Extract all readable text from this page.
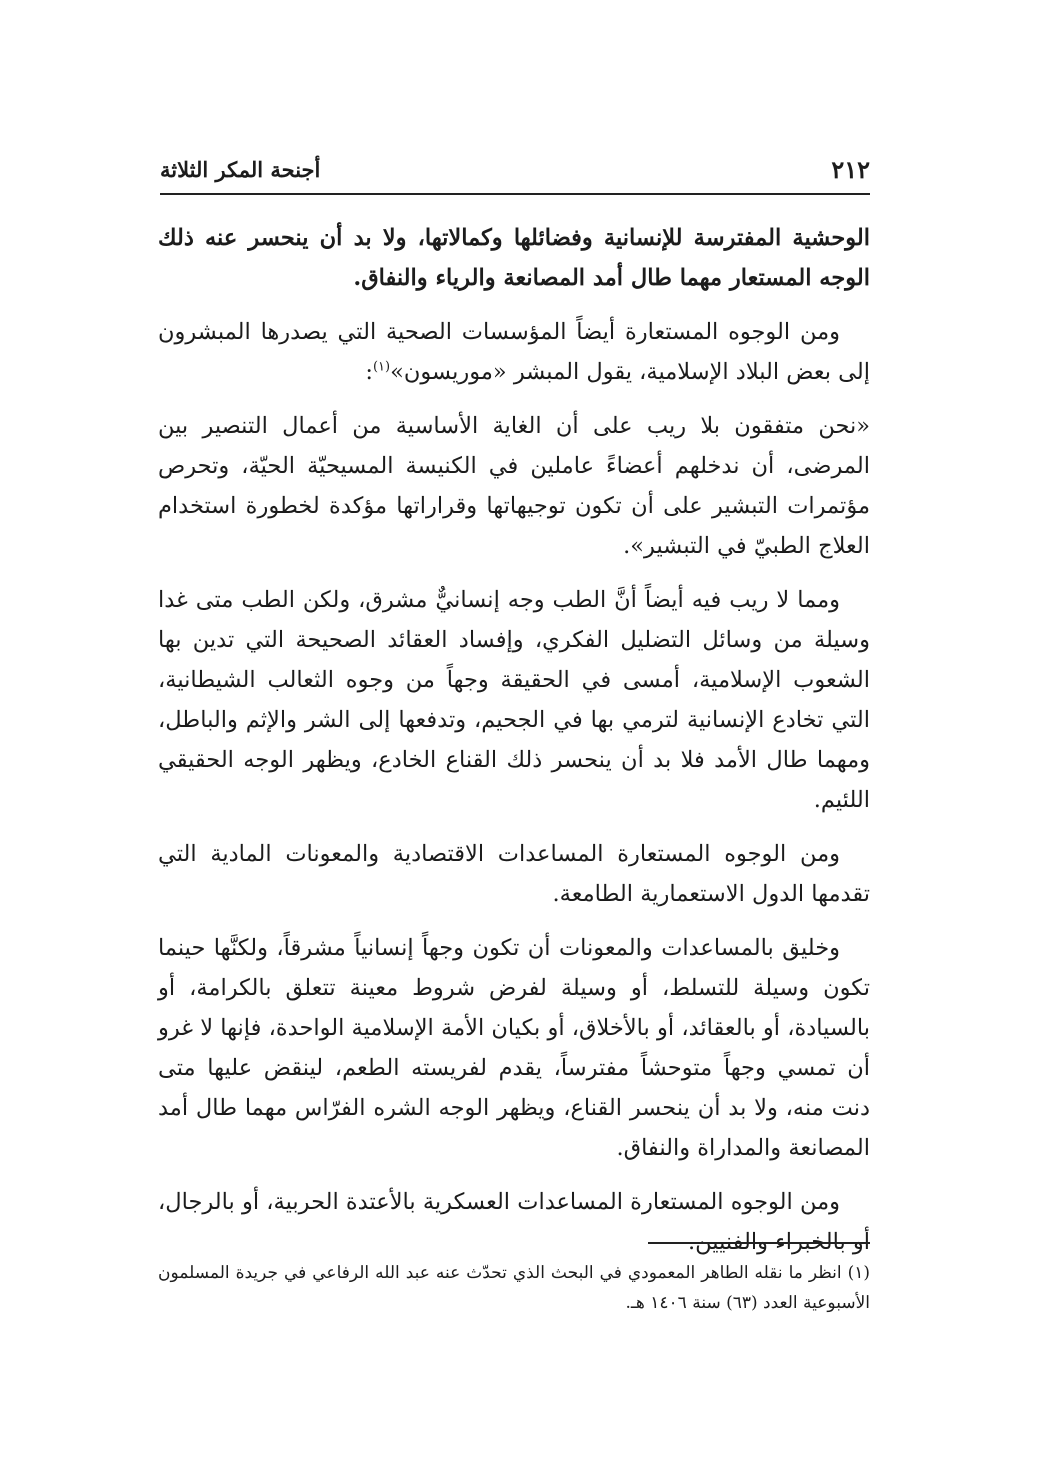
٢١٢
أجنحة المكر الثلاثة

الوحشية المفترسة للإنسانية وفضائلها وكمالاتها، ولا بد أن ينحسر عنه ذلك الوجه المستعار مهما طال أمد المصانعة والرياء والنفاق.

ومن الوجوه المستعارة أيضاً المؤسسات الصحية التي يصدرها المبشرون إلى بعض البلاد الإسلامية، يقول المبشر «موريسون»$^{(١)}$:

«نحن متفقون بلا ريب على أن الغاية الأساسية من أعمال التنصير بين المرضى، أن ندخلهم أعضاءً عاملين في الكنيسة المسيحيّة الحيّة، وتحرص مؤتمرات التبشير على أن تكون توجيهاتها وقراراتها مؤكدة لخطورة استخدام العلاج الطبيّ في التبشير».

ومما لا ريب فيه أيضاً أنَّ الطب وجه إنسانيٌّ مشرق، ولكن الطب متى غدا وسيلة من وسائل التضليل الفكري، وإفساد العقائد الصحيحة التي تدين بها الشعوب الإسلامية، أمسى في الحقيقة وجهاً من وجوه الثعالب الشيطانية، التي تخادع الإنسانية لترمي بها في الجحيم، وتدفعها إلى الشر والإثم والباطل، ومهما طال الأمد فلا بد أن ينحسر ذلك القناع الخادع، ويظهر الوجه الحقيقي اللئيم.

ومن الوجوه المستعارة المساعدات الاقتصادية والمعونات المادية التي تقدمها الدول الاستعمارية الطامعة.

وخليق بالمساعدات والمعونات أن تكون وجهاً إنسانياً مشرقاً، ولكنَّها حينما تكون وسيلة للتسلط، أو وسيلة لفرض شروط معينة تتعلق بالكرامة، أو بالسيادة، أو بالعقائد، أو بالأخلاق، أو بكيان الأمة الإسلامية الواحدة، فإنها لا غرو أن تمسي وجهاً متوحشاً مفترساً، يقدم لفريسته الطعم، لينقض عليها متى دنت منه، ولا بد أن ينحسر القناع، ويظهر الوجه الشره الفرّاس مهما طال أمد المصانعة والمداراة والنفاق.

ومن الوجوه المستعارة المساعدات العسكرية بالأعتدة الحربية، أو بالرجال، أو بالخبراء والفنيين.

(١) انظر ما نقله الطاهر المعمودي في البحث الذي تحدّث عنه عبد الله الرفاعي في جريدة المسلمون الأسبوعية العدد (٦٣) سنة ١٤٠٦ هـ.
